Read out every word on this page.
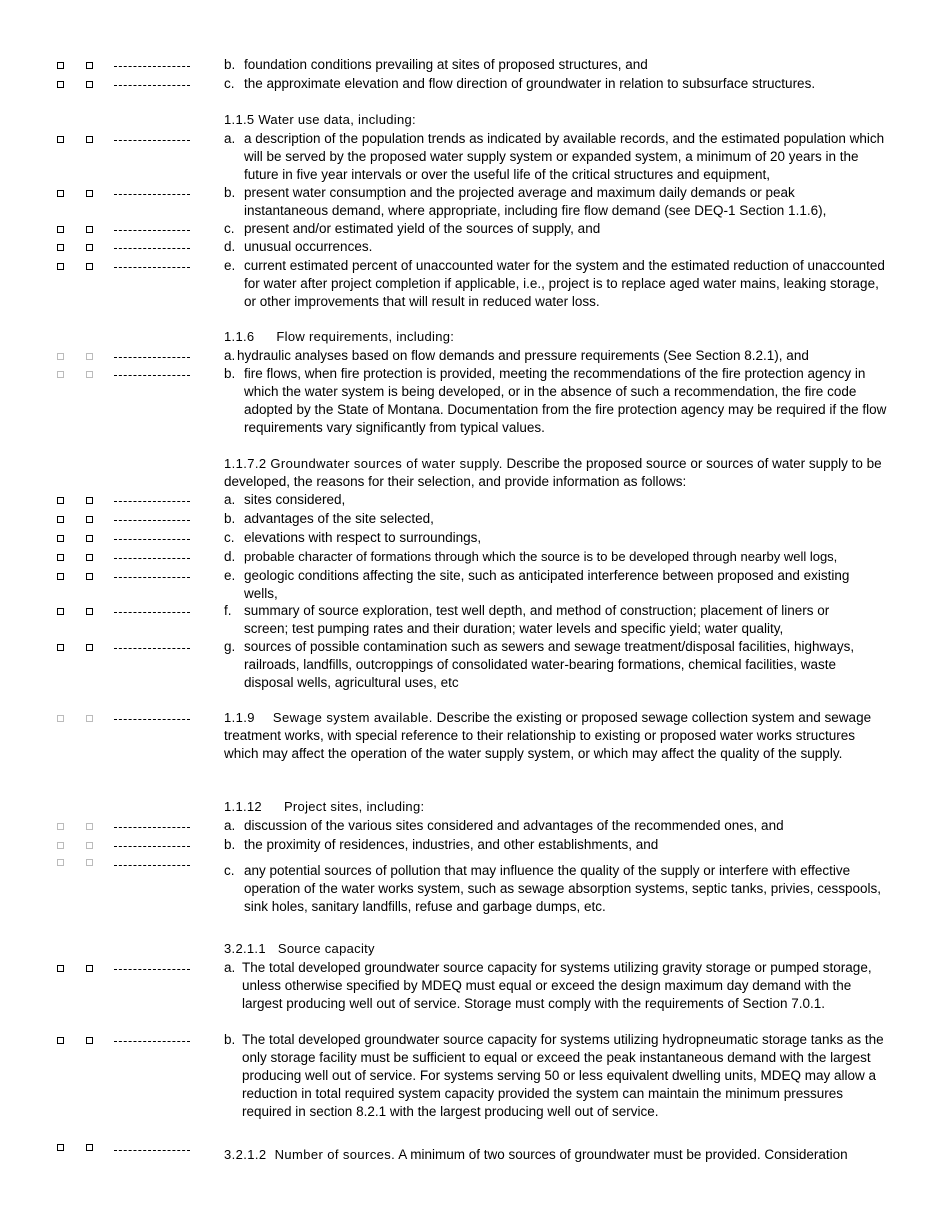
b. foundation conditions prevailing at sites of proposed structures, and
c. the approximate elevation and flow direction of groundwater in relation to subsurface structures.
1.1.5 Water use data, including:
a. a description of the population trends as indicated by available records, and the estimated population which will be served by the proposed water supply system or expanded system, a minimum of 20 years in the future in five year intervals or over the useful life of the critical structures and equipment,
b. present water consumption and the projected average and maximum daily demands or peak instantaneous demand, where appropriate, including fire flow demand (see DEQ-1 Section 1.1.6),
c. present and/or estimated yield of the sources of supply, and
d. unusual occurrences.
e. current estimated percent of unaccounted water for the system and the estimated reduction of unaccounted for water after project completion if applicable, i.e., project is to replace aged water mains, leaking storage, or other improvements that will result in reduced water loss.
1.1.6 Flow requirements, including:
a. hydraulic analyses based on flow demands and pressure requirements (See Section 8.2.1), and
b. fire flows, when fire protection is provided, meeting the recommendations of the fire protection agency in which the water system is being developed, or in the absence of such a recommendation, the fire code adopted by the State of Montana. Documentation from the fire protection agency may be required if the flow requirements vary significantly from typical values.
1.1.7.2 Groundwater sources of water supply. Describe the proposed source or sources of water supply to be developed, the reasons for their selection, and provide information as follows:
a. sites considered,
b. advantages of the site selected,
c. elevations with respect to surroundings,
d. probable character of formations through which the source is to be developed through nearby well logs,
e. geologic conditions affecting the site, such as anticipated interference between proposed and existing wells,
f. summary of source exploration, test well depth, and method of construction; placement of liners or screen; test pumping rates and their duration; water levels and specific yield; water quality,
g. sources of possible contamination such as sewers and sewage treatment/disposal facilities, highways, railroads, landfills, outcroppings of consolidated water-bearing formations, chemical facilities, waste disposal wells, agricultural uses, etc
1.1.9 Sewage system available. Describe the existing or proposed sewage collection system and sewage treatment works, with special reference to their relationship to existing or proposed water works structures which may affect the operation of the water supply system, or which may affect the quality of the supply.
1.1.12 Project sites, including:
a. discussion of the various sites considered and advantages of the recommended ones, and
b. the proximity of residences, industries, and other establishments, and
c. any potential sources of pollution that may influence the quality of the supply or interfere with effective operation of the water works system, such as sewage absorption systems, septic tanks, privies, cesspools, sink holes, sanitary landfills, refuse and garbage dumps, etc.
3.2.1.1 Source capacity
a. The total developed groundwater source capacity for systems utilizing gravity storage or pumped storage, unless otherwise specified by MDEQ must equal or exceed the design maximum day demand with the largest producing well out of service. Storage must comply with the requirements of Section 7.0.1.
b. The total developed groundwater source capacity for systems utilizing hydropneumatic storage tanks as the only storage facility must be sufficient to equal or exceed the peak instantaneous demand with the largest producing well out of service. For systems serving 50 or less equivalent dwelling units, MDEQ may allow a reduction in total required system capacity provided the system can maintain the minimum pressures required in section 8.2.1 with the largest producing well out of service.
3.2.1.2 Number of sources. A minimum of two sources of groundwater must be provided. Consideration
